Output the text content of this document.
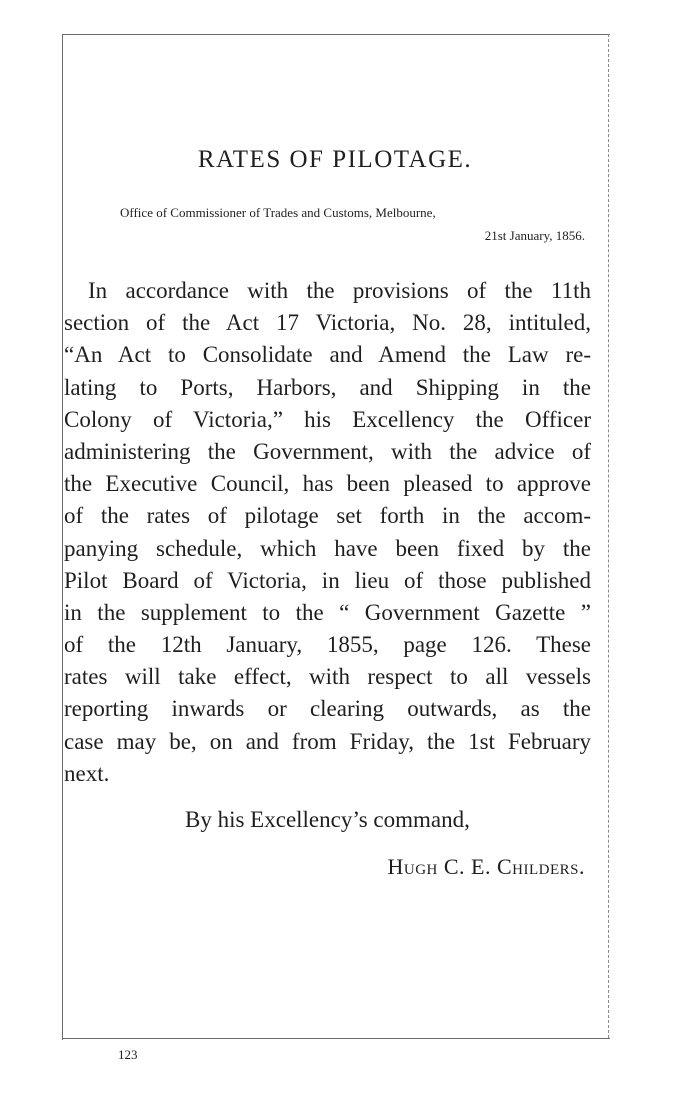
RATES OF PILOTAGE.
Office of Commissioner of Trades and Customs, Melbourne,
21st January, 1856.
In accordance with the provisions of the 11th
section of the Act 17 Victoria, No. 28, intituled,
“An Act to Consolidate and Amend the Law re-
lating to Ports, Harbors, and Shipping in the
Colony of Victoria,” his Excellency the Officer
administering the Government, with the advice of
the Executive Council, has been pleased to approve
of the rates of pilotage set forth in the accom-
panying schedule, which have been fixed by the
Pilot Board of Victoria, in lieu of those published
in the supplement to the “ Government Gazette ”
of the 12th January, 1855, page 126. These
rates will take effect, with respect to all vessels
reporting inwards or clearing outwards, as the
case may be, on and from Friday, the 1st February
next.
By his Excellency’s command,
Hugh C. E. Childers.
123
